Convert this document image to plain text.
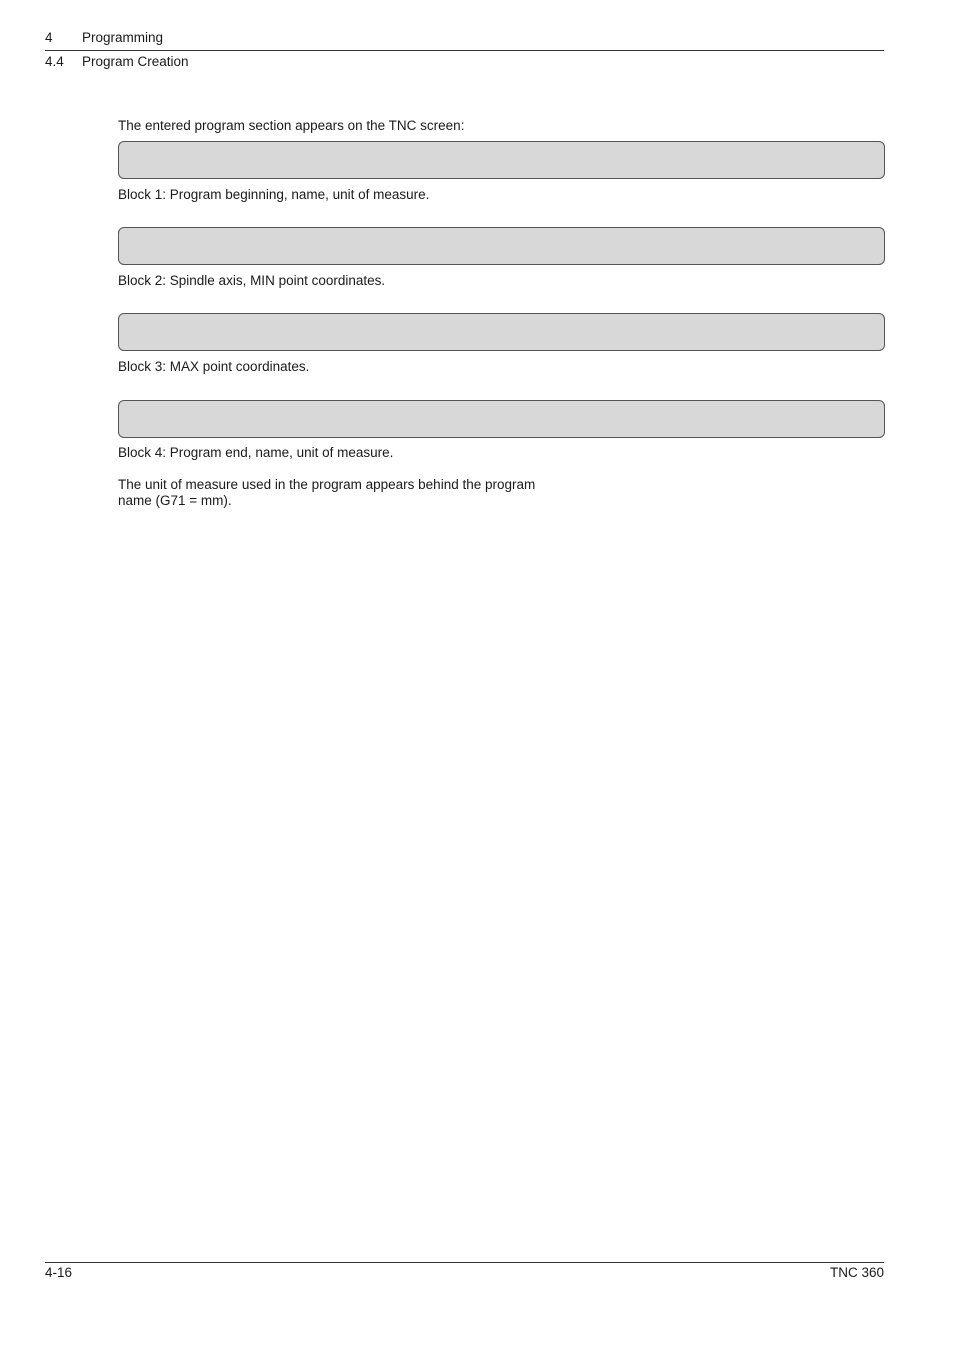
4 Programming
4.4 Program Creation
The entered program section appears on the TNC screen:
Block 1: Program beginning, name, unit of measure.
Block 2: Spindle axis, MIN point coordinates.
Block 3: MAX point coordinates.
Block 4: Program end, name, unit of measure.
The unit of measure used in the program appears behind the program
name (G71 = mm).
4-16	TNC 360
